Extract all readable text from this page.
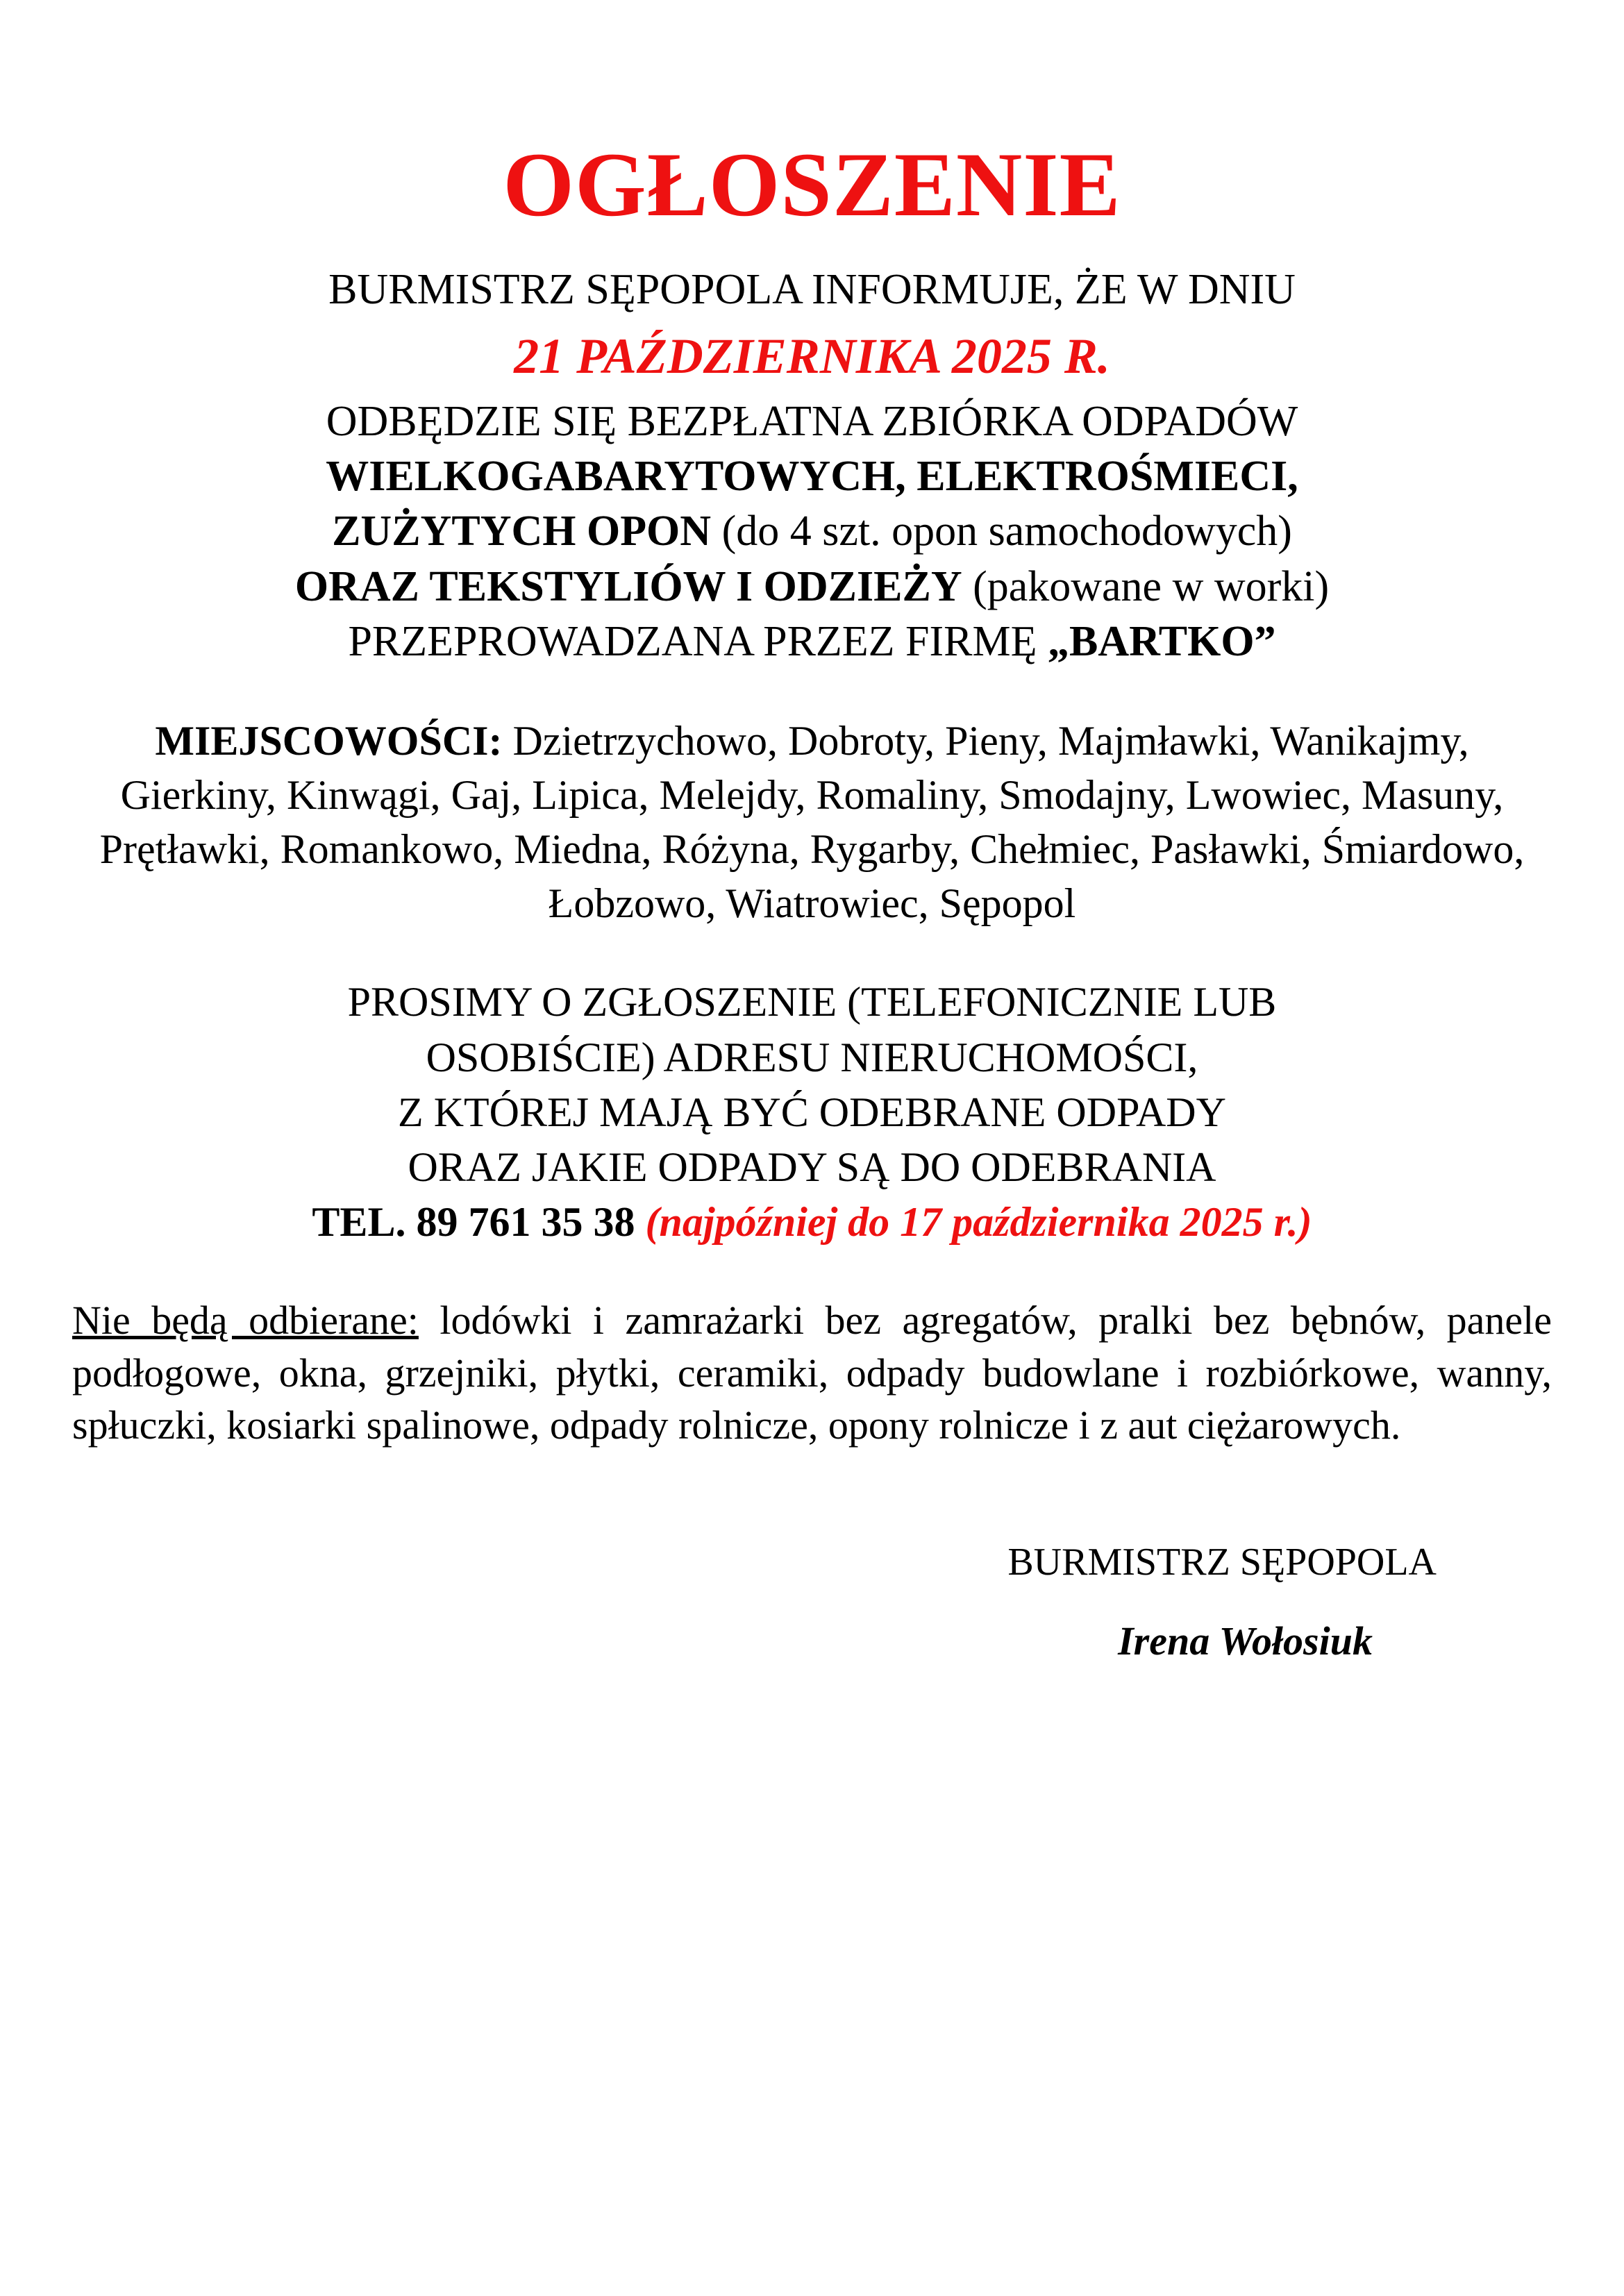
OGŁOSZENIE

BURMISTRZ SĘPOPOLA INFORMUJE, ŻE W DNIU

21 PAŹDZIERNIKA 2025 R.

ODBĘDZIE SIĘ BEZPŁATNA ZBIÓRKA ODPADÓW

WIELKOGABARYTOWYCH, ELEKTROŚMIECI,

ZUŻYTYCH OPON (do 4 szt. opon samochodowych)

ORAZ TEKSTYLIÓW I ODZIEŻY (pakowane w worki)

PRZEPROWADZANA PRZEZ FIRMĘ „BARTKO”

MIEJSCOWOŚCI: Dzietrzychowo, Dobroty, Pieny, Majmławki, Wanikajmy, Gierkiny, Kinwągi, Gaj, Lipica, Melejdy, Romaliny, Smodajny, Lwowiec, Masuny, Prętławki, Romankowo, Miedna, Różyna, Rygarby, Chełmiec, Pasławki, Śmiardowo, Łobzowo, Wiatrowiec, Sępopol

PROSIMY O ZGŁOSZENIE (TELEFONICZNIE LUB

OSOBIŚCIE) ADRESU NIERUCHOMOŚCI,

Z KTÓREJ MAJĄ BYĆ ODEBRANE ODPADY

ORAZ JAKIE ODPADY SĄ DO ODEBRANIA

TEL. 89 761 35 38 (najpóźniej do 17 października 2025 r.)

Nie będą odbierane: lodówki i zamrażarki bez agregatów, pralki bez bębnów, panele podłogowe, okna, grzejniki, płytki, ceramiki, odpady budowlane i rozbiórkowe, wanny, spłuczki, kosiarki spalinowe, odpady rolnicze, opony rolnicze i z aut ciężarowych.

BURMISTRZ SĘPOPOLA

Irena Wołosiuk
